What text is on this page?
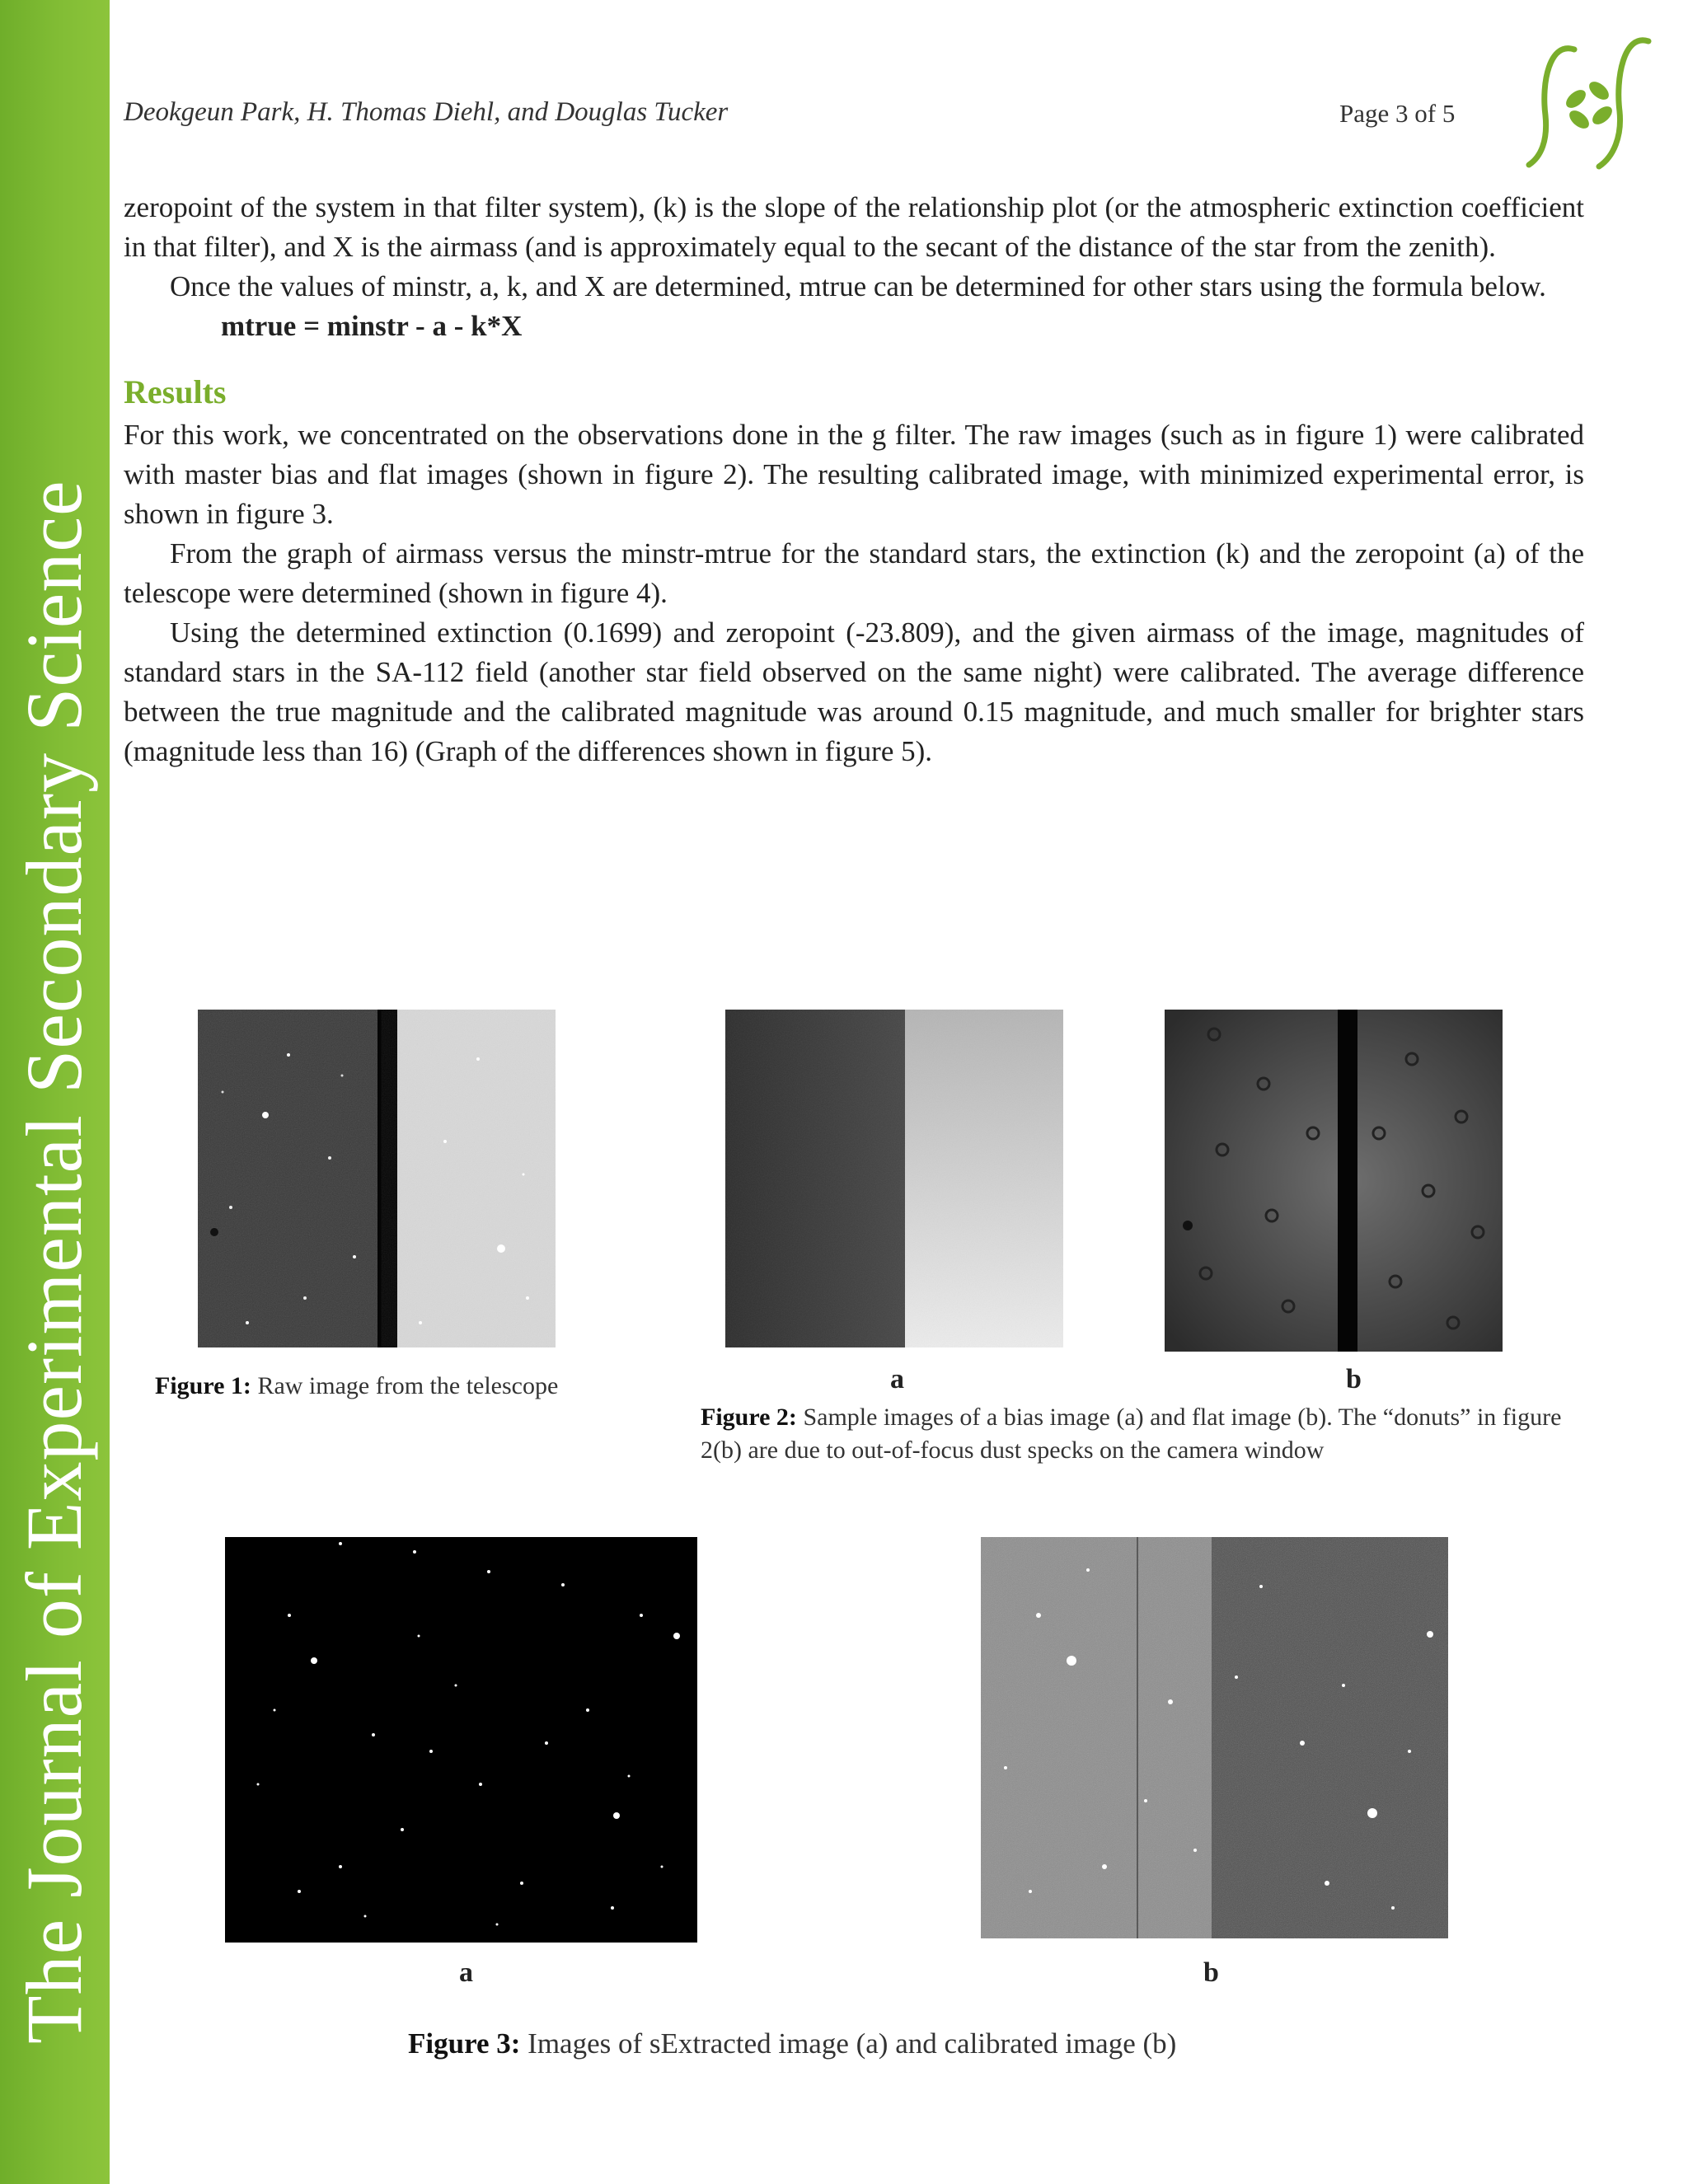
The Journal of Experimental Secondary Science
Deokgeun Park, H. Thomas Diehl, and Douglas Tucker	Page 3 of 5

zeropoint of the system in that filter system), (k) is the slope of the relationship plot (or the atmospheric extinction coefficient in that filter), and X is the airmass (and is approximately equal to the secant of the distance of the star from the zenith).

Once the values of minstr, a, k, and X are determined, mtrue can be determined for other stars using the formula below.

mtrue = minstr - a - k*X

Results

For this work, we concentrated on the observations done in the g filter. The raw images (such as in figure 1) were calibrated with master bias and flat images (shown in figure 2). The resulting calibrated image, with minimized experimental error, is shown in figure 3.

From the graph of airmass versus the minstr-mtrue for the standard stars, the extinction (k) and the zeropoint (a) of the telescope were determined (shown in figure 4).

Using the determined extinction (0.1699) and zeropoint (-23.809), and the given airmass of the image, magnitudes of standard stars in the SA-112 field (another star field observed on the same night) were calibrated. The average difference between the true magnitude and the calibrated magnitude was around 0.15 magnitude, and much smaller for brighter stars (magnitude less than 16) (Graph of the differences shown in figure 5).

Figure 1: Raw image from the telescope	a	b
Figure 2: Sample images of a bias image (a) and flat image (b). The “donuts” in figure 2(b) are due to out-of-focus dust specks on the camera window
a	b
Figure 3: Images of sExtracted image (a) and calibrated image (b)
